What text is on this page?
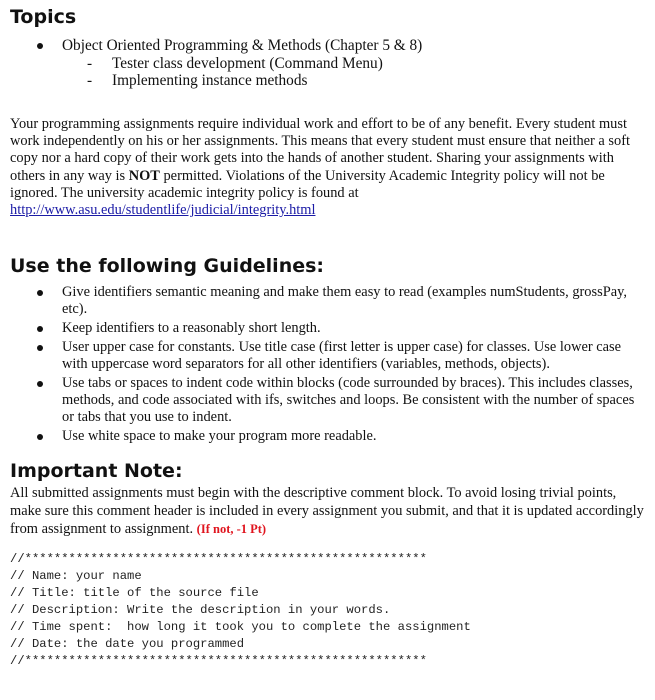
Topics
Object Oriented Programming & Methods (Chapter 5 & 8)
- Tester class development (Command Menu)
- Implementing instance methods

Your programming assignments require individual work and effort to be of any benefit. Every student must work independently on his or her assignments. This means that every student must ensure that neither a soft copy nor a hard copy of their work gets into the hands of another student. Sharing your assignments with others in any way is NOT permitted. Violations of the University Academic Integrity policy will not be ignored. The university academic integrity policy is found at
http://www.asu.edu/studentlife/judicial/integrity.html

Use the following Guidelines:
Give identifiers semantic meaning and make them easy to read (examples numStudents, grossPay, etc).
Keep identifiers to a reasonably short length.
User upper case for constants. Use title case (first letter is upper case) for classes. Use lower case with uppercase word separators for all other identifiers (variables, methods, objects).
Use tabs or spaces to indent code within blocks (code surrounded by braces). This includes classes, methods, and code associated with ifs, switches and loops. Be consistent with the number of spaces or tabs that you use to indent.
Use white space to make your program more readable.
Important Note:

All submitted assignments must begin with the descriptive comment block. To avoid losing trivial points, make sure this comment header is included in every assignment you submit, and that it is updated accordingly from assignment to assignment. (If not, -1 Pt)

//*******************************************************
// Name: your name
// Title: title of the source file
// Description: Write the description in your words.
// Time spent:  how long it took you to complete the assignment
// Date: the date you programmed
//*******************************************************
